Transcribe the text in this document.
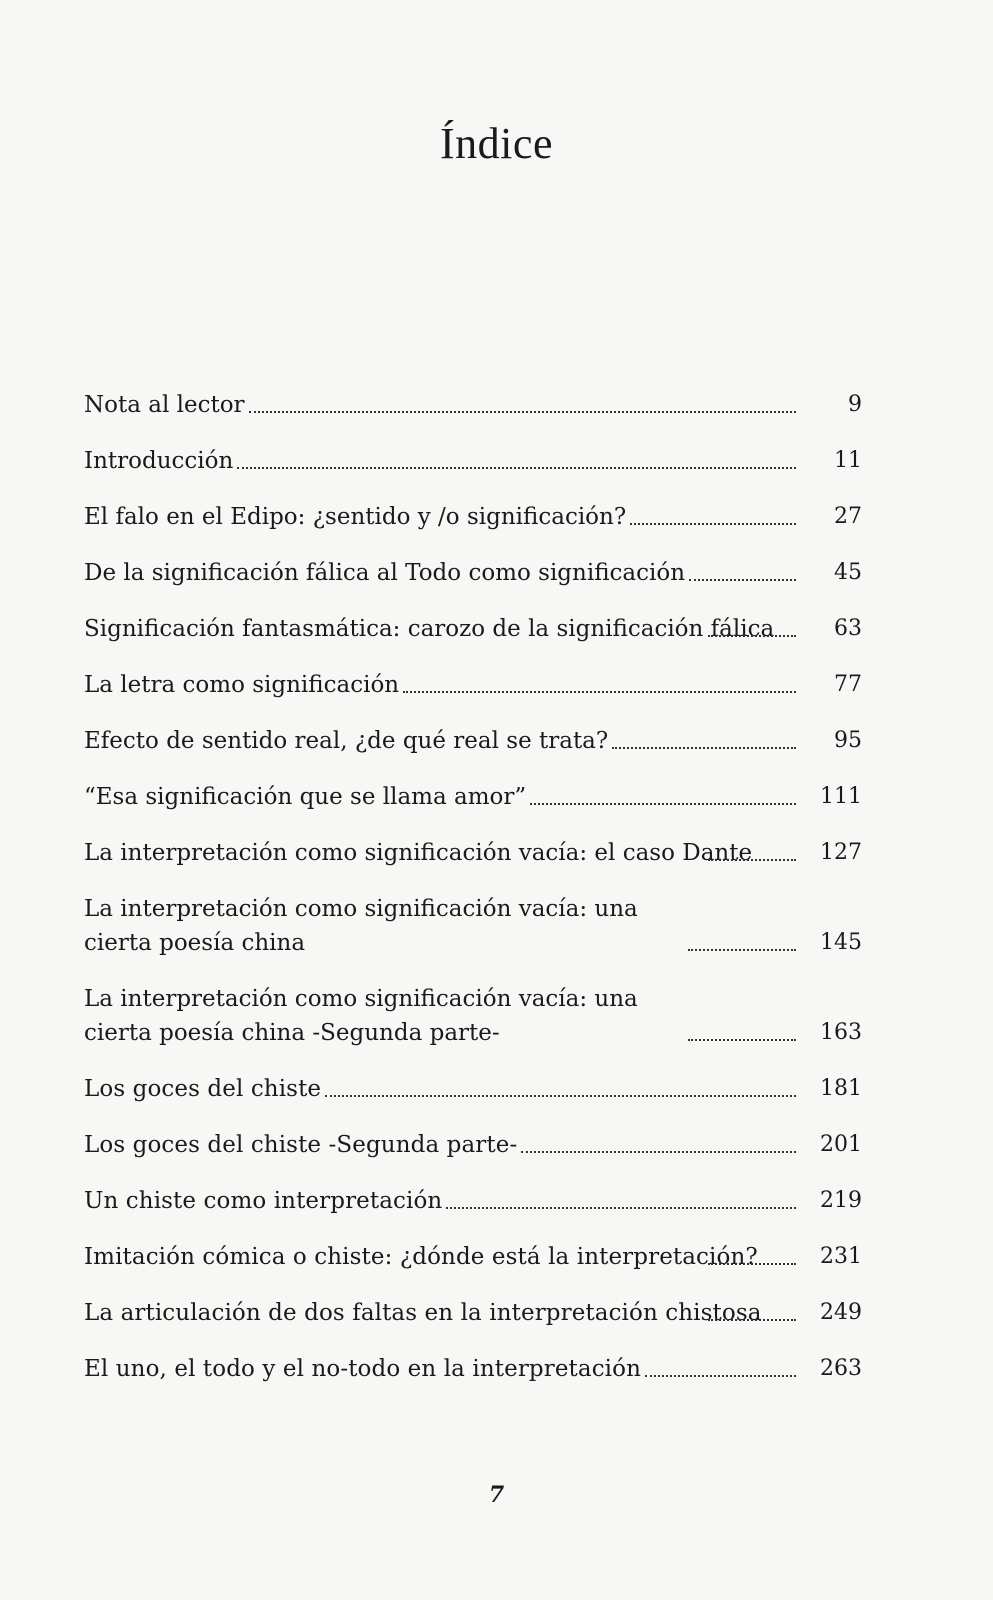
Índice
Nota al lector	9
Introducción	11
El falo en el Edipo: ¿sentido y /o significación?	27
De la significación fálica al Todo como significación	45
Significación fantasmática: carozo de la significación fálica	63
La letra como significación	77
Efecto de sentido real, ¿de qué real se trata?	95
“Esa significación que se llama amor”	111
La interpretación como significación vacía: el caso Dante	127
La interpretación como significación vacía: una cierta poesía china	145
La interpretación como significación vacía: una cierta poesía china -Segunda parte-	163
Los goces del chiste	181
Los goces del chiste -Segunda parte-	201
Un chiste como interpretación	219
Imitación cómica o chiste: ¿dónde está la interpretación?	231
La articulación de dos faltas en la interpretación chistosa	249
El uno, el todo y el no-todo en la interpretación	263
7
